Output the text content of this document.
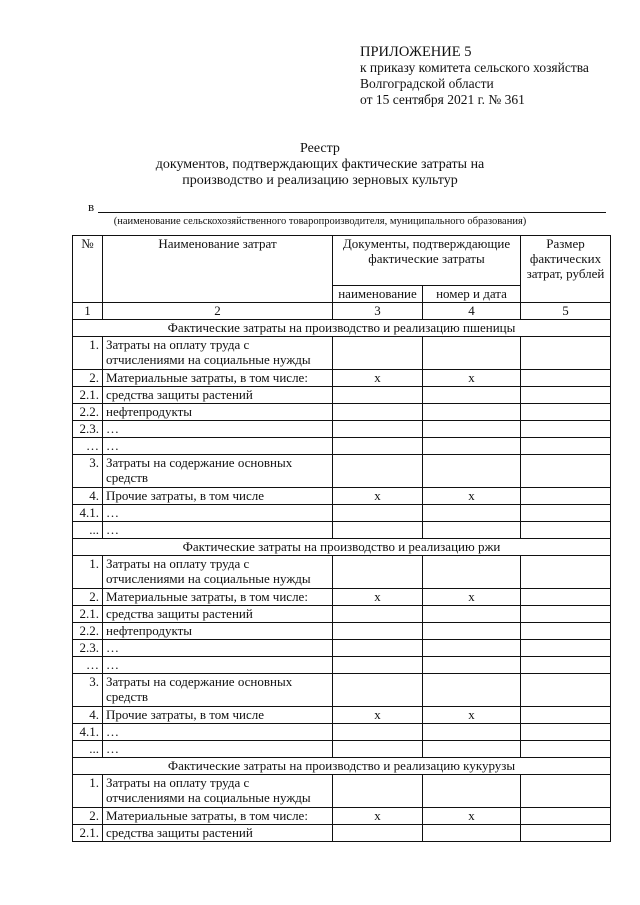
ПРИЛОЖЕНИЕ 5
к приказу комитета сельского хозяйства
Волгоградской области
от 15 сентября 2021 г. № 361
Реестр
документов, подтверждающих фактические затраты на
производство и реализацию зерновых культур
в
(наименование сельскохозяйственного товаропроизводителя, муниципального образования)
№	Наименование затрат	Документы, подтверждающие фактические затраты		Размер фактических затрат, рублей
		наименование	номер и дата	
1	2	3	4	5
Фактические затраты на производство и реализацию пшеницы				
1.	Затраты на оплату труда с отчислениями на социальные нужды			
2.	Материальные затраты, в том числе:	х	х	
2.1.	средства защиты растений			
2.2.	нефтепродукты			
2.3.	…			
…	…			
3.	Затраты на содержание основных средств			
4.	Прочие затраты, в том числе	х	х	
4.1.	…			
...	…			
Фактические затраты на производство и реализацию ржи				
1.	Затраты на оплату труда с отчислениями на социальные нужды			
2.	Материальные затраты, в том числе:	х	х	
2.1.	средства защиты растений			
2.2.	нефтепродукты			
2.3.	…			
…	…			
3.	Затраты на содержание основных средств			
4.	Прочие затраты, в том числе	х	х	
4.1.	…			
...	…			
Фактические затраты на производство и реализацию кукурузы				
1.	Затраты на оплату труда с отчислениями на социальные нужды			
2.	Материальные затраты, в том числе:	х	х	
2.1.	средства защиты растений			
